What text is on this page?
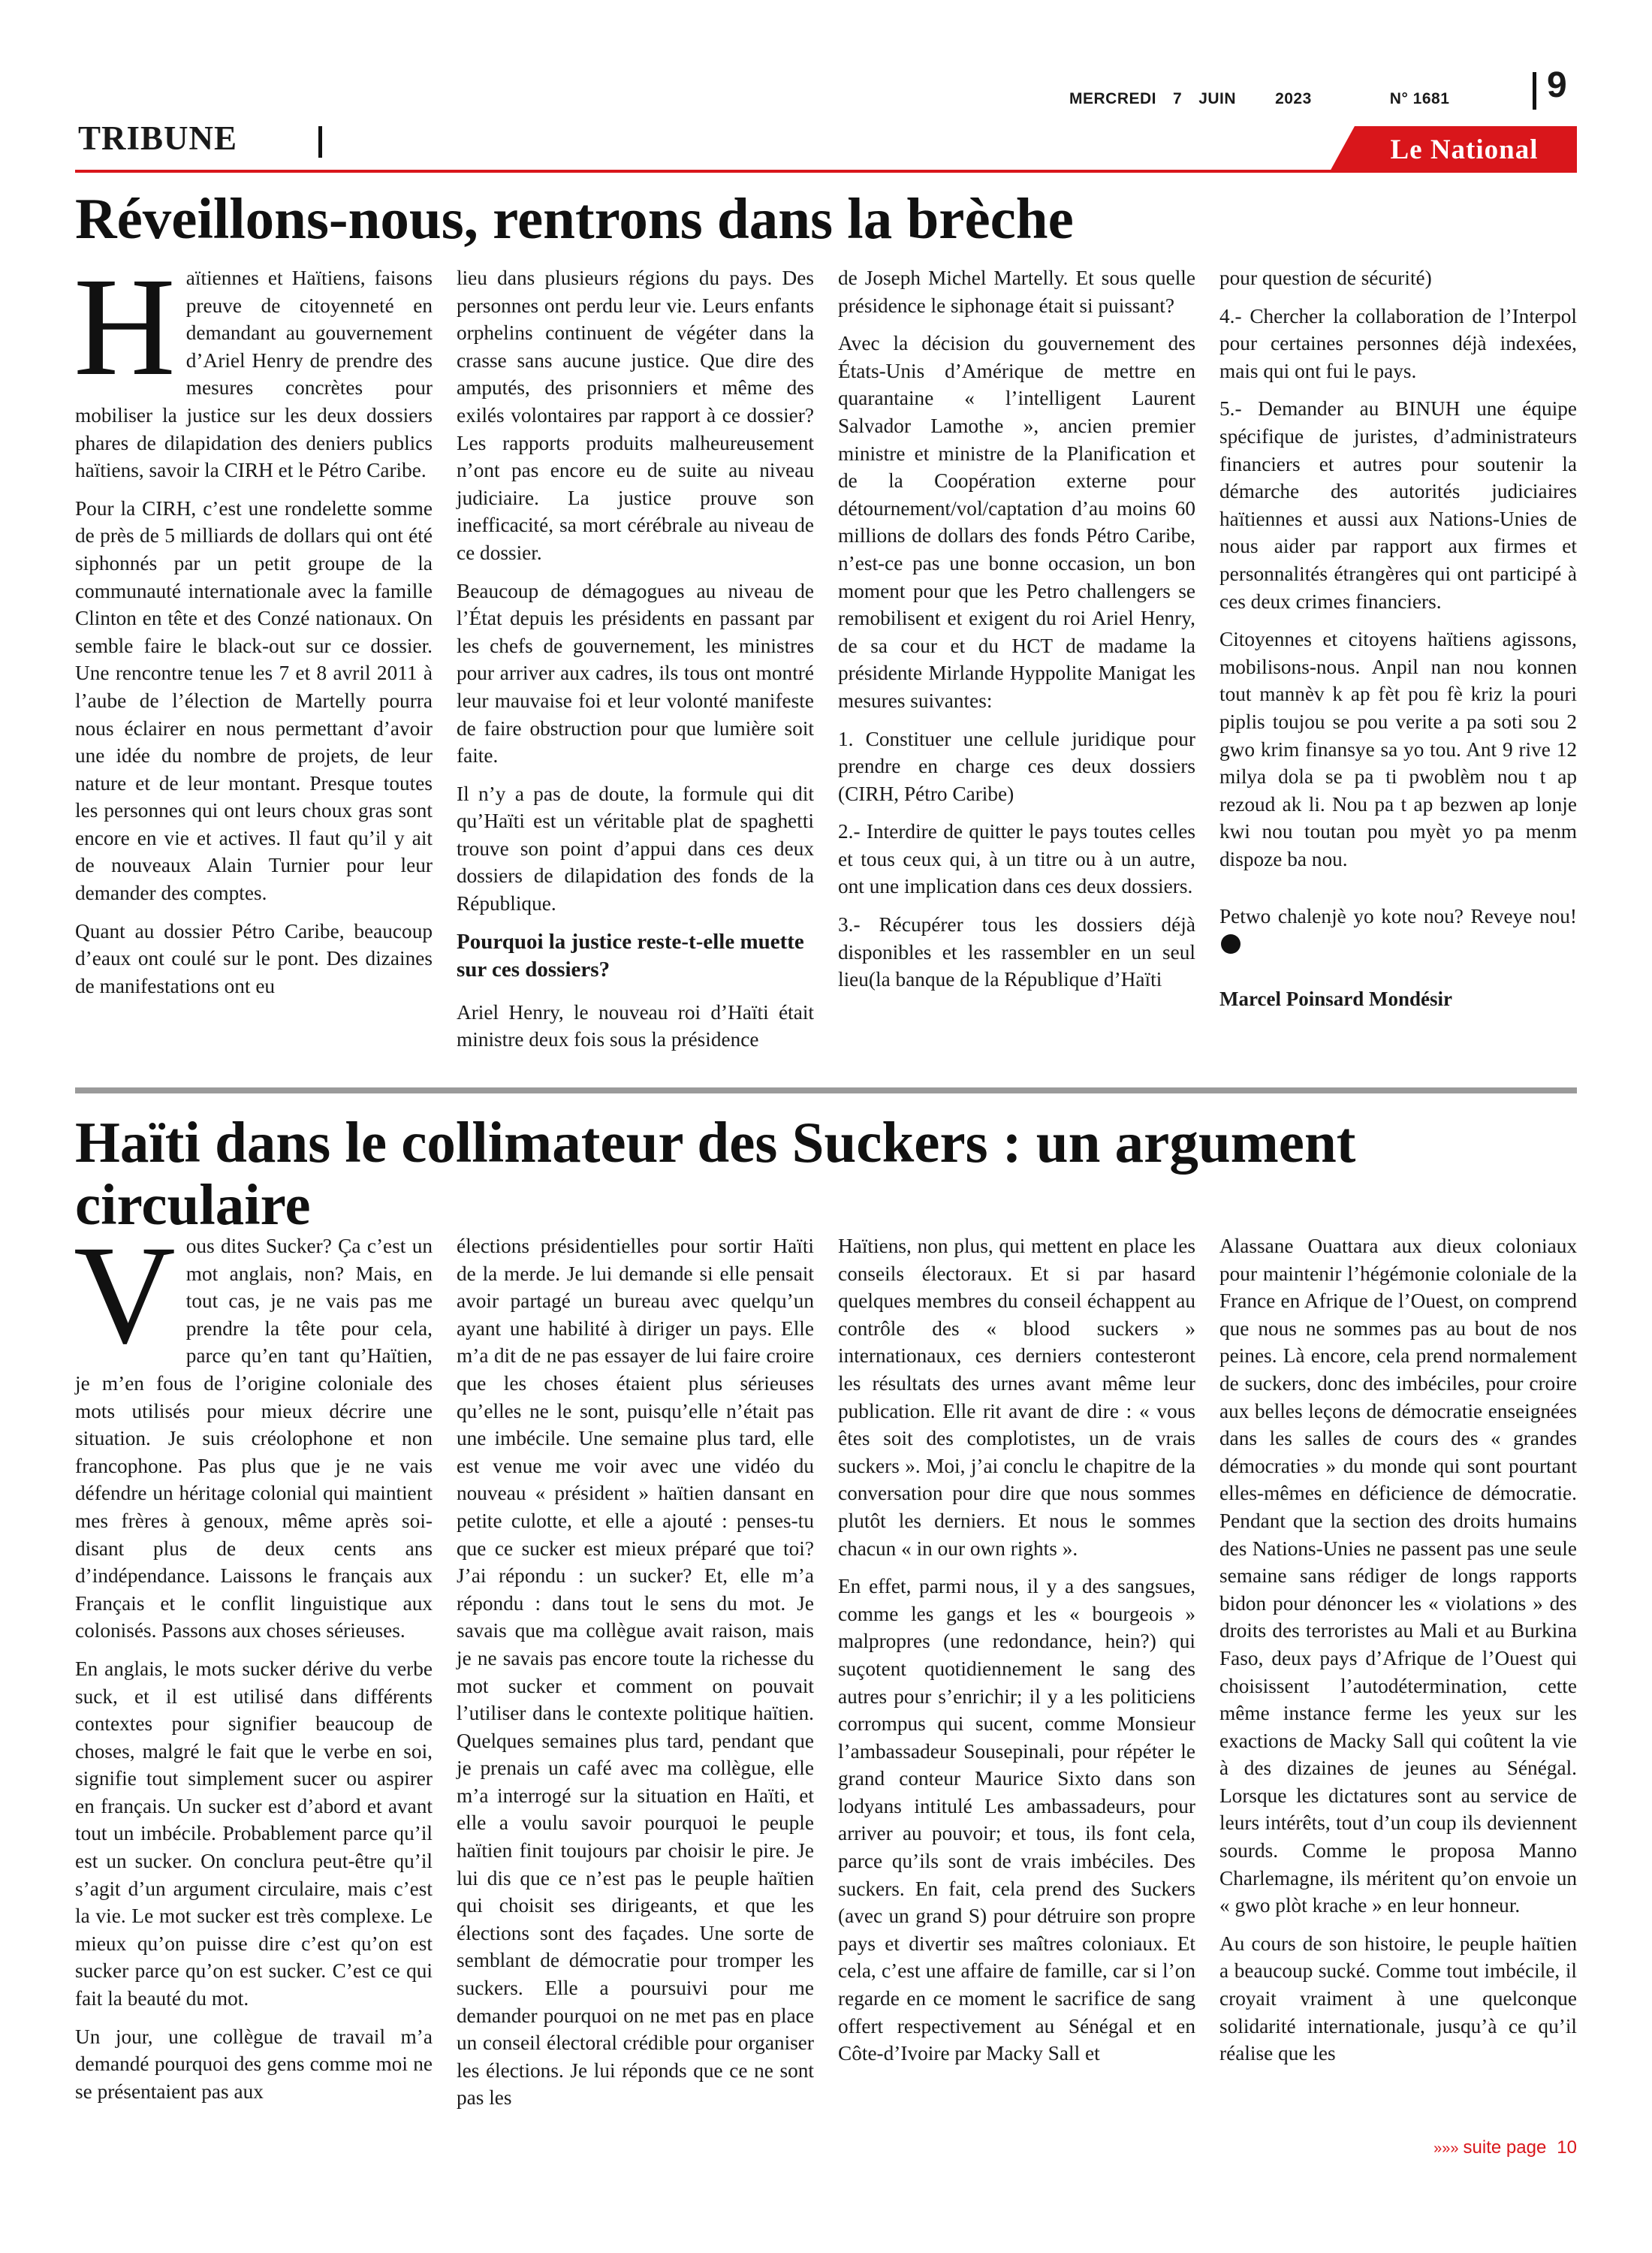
MERCREDI 7 JUIN 2023	N° 1681	9
TRIBUNE	Le National
Réveillons-nous, rentrons dans la brèche

Haïtiennes et Haïtiens, faisons preuve de citoyenneté en demandant au gouvernement d’Ariel Henry de prendre des mesures concrètes pour mobiliser la justice sur les deux dossiers phares de dilapidation des deniers publics haïtiens, savoir la CIRH et le Pétro Caribe.

Pour la CIRH, c’est une rondelette somme de près de 5 milliards de dollars qui ont été siphonnés par un petit groupe de la communauté internationale avec la famille Clinton en tête et des Conzé nationaux. On semble faire le black-out sur ce dossier. Une rencontre tenue les 7 et 8 avril 2011 à l’aube de l’élection de Martelly pourra nous éclairer en nous permettant d’avoir une idée du nombre de projets, de leur nature et de leur montant. Presque toutes les personnes qui ont leurs choux gras sont encore en vie et actives. Il faut qu’il y ait de nouveaux Alain Turnier pour leur demander des comptes.

Quant au dossier Pétro Caribe, beaucoup d’eaux ont coulé sur le pont. Des dizaines de manifestations ont eu

lieu dans plusieurs régions du pays. Des personnes ont perdu leur vie. Leurs enfants orphelins continuent de végéter dans la crasse sans aucune justice. Que dire des amputés, des prisonniers et même des exilés volontaires par rapport à ce dossier? Les rapports produits malheureusement n’ont pas encore eu de suite au niveau judiciaire. La justice prouve son inefficacité, sa mort cérébrale au niveau de ce dossier.

Beaucoup de démagogues au niveau de l’État depuis les présidents en passant par les chefs de gouvernement, les ministres pour arriver aux cadres, ils tous ont montré leur mauvaise foi et leur volonté manifeste de faire obstruction pour que lumière soit faite.

Il n’y a pas de doute, la formule qui dit qu’Haïti est un véritable plat de spaghetti trouve son point d’appui dans ces deux dossiers de dilapidation des fonds de la République.

Pourquoi la justice reste-t-elle muette sur ces dossiers?

Ariel Henry, le nouveau roi d’Haïti était ministre deux fois sous la présidence

de Joseph Michel Martelly. Et sous quelle présidence le siphonage était si puissant?

Avec la décision du gouvernement des États-Unis d’Amérique de mettre en quarantaine « l’intelligent Laurent Salvador Lamothe », ancien premier ministre et ministre de la Planification et de la Coopération externe pour détournement/vol/captation d’au moins 60 millions de dollars des fonds Pétro Caribe, n’est-ce pas une bonne occasion, un bon moment pour que les Petro challengers se remobilisent et exigent du roi Ariel Henry, de sa cour et du HCT de madame la présidente Mirlande Hyppolite Manigat les mesures suivantes:

1. Constituer une cellule juridique pour prendre en charge ces deux dossiers (CIRH, Pétro Caribe)

2.- Interdire de quitter le pays toutes celles et tous ceux qui, à un titre ou à un autre, ont une implication dans ces deux dossiers.

3.- Récupérer tous les dossiers déjà disponibles et les rassembler en un seul lieu(la banque de la République d’Haïti

pour question de sécurité)

4.- Chercher la collaboration de l’Interpol pour certaines personnes déjà indexées, mais qui ont fui le pays.

5.- Demander au BINUH une équipe spécifique de juristes, d’administrateurs financiers et autres pour soutenir la démarche des autorités judiciaires haïtiennes et aussi aux Nations-Unies de nous aider par rapport aux firmes et personnalités étrangères qui ont participé à ces deux crimes financiers.

Citoyennes et citoyens haïtiens agissons, mobilisons-nous. Anpil nan nou konnen tout mannèv k ap fèt pou fè kriz la pouri piplis toujou se pou verite a pa soti sou 2 gwo krim finansye sa yo tou. Ant 9 rive 12 milya dola se pa ti pwoblèm nou t ap rezoud ak li. Nou pa t ap bezwen ap lonje kwi nou toutan pou myèt yo pa menm dispoze ba nou.

Petwo chalenjè yo kote nou? Reveye nou!

Marcel Poinsard Mondésir

Haïti dans le collimateur des Suckers : un argument
circulaire

Vous dites Sucker? Ça c’est un mot anglais, non? Mais, en tout cas, je ne vais pas me prendre la tête pour cela, parce qu’en tant qu’Haïtien, je m’en fous de l’origine coloniale des mots utilisés pour mieux décrire une situation. Je suis créolophone et non francophone. Pas plus que je ne vais défendre un héritage colonial qui maintient mes frères à genoux, même après soi-disant plus de deux cents ans d’indépendance. Laissons le français aux Français et le conflit linguistique aux colonisés. Passons aux choses sérieuses.

En anglais, le mots sucker dérive du verbe suck, et il est utilisé dans différents contextes pour signifier beaucoup de choses, malgré le fait que le verbe en soi, signifie tout simplement sucer ou aspirer en français. Un sucker est d’abord et avant tout un imbécile. Probablement parce qu’il est un sucker. On conclura peut-être qu’il s’agit d’un argument circulaire, mais c’est la vie. Le mot sucker est très complexe. Le mieux qu’on puisse dire c’est qu’on est sucker parce qu’on est sucker. C’est ce qui fait la beauté du mot.

Un jour, une collègue de travail m’a demandé pourquoi des gens comme moi ne se présentaient pas aux

élections présidentielles pour sortir Haïti de la merde. Je lui demande si elle pensait avoir partagé un bureau avec quelqu’un ayant une habilité à diriger un pays. Elle m’a dit de ne pas essayer de lui faire croire que les choses étaient plus sérieuses qu’elles ne le sont, puisqu’elle n’était pas une imbécile. Une semaine plus tard, elle est venue me voir avec une vidéo du nouveau « président » haïtien dansant en petite culotte, et elle a ajouté : penses-tu que ce sucker est mieux préparé que toi? J’ai répondu : un sucker? Et, elle m’a répondu : dans tout le sens du mot. Je savais que ma collègue avait raison, mais je ne savais pas encore toute la richesse du mot sucker et comment on pouvait l’utiliser dans le contexte politique haïtien. Quelques semaines plus tard, pendant que je prenais un café avec ma collègue, elle m’a interrogé sur la situation en Haïti, et elle a voulu savoir pourquoi le peuple haïtien finit toujours par choisir le pire. Je lui dis que ce n’est pas le peuple haïtien qui choisit ses dirigeants, et que les élections sont des façades. Une sorte de semblant de démocratie pour tromper les suckers. Elle a poursuivi pour me demander pourquoi on ne met pas en place un conseil électoral crédible pour organiser les élections. Je lui réponds que ce ne sont pas les

Haïtiens, non plus, qui mettent en place les conseils électoraux. Et si par hasard quelques membres du conseil échappent au contrôle des « blood suckers » internationaux, ces derniers contesteront les résultats des urnes avant même leur publication. Elle rit avant de dire : « vous êtes soit des complotistes, un de vrais suckers ». Moi, j’ai conclu le chapitre de la conversation pour dire que nous sommes plutôt les derniers. Et nous le sommes chacun « in our own rights ».

En effet, parmi nous, il y a des sangsues, comme les gangs et les « bourgeois » malpropres (une redondance, hein?) qui suçotent quotidiennement le sang des autres pour s’enrichir; il y a les politiciens corrompus qui sucent, comme Monsieur l’ambassadeur Sousepinali, pour répéter le grand conteur Maurice Sixto dans son lodyans intitulé Les ambassadeurs, pour arriver au pouvoir; et tous, ils font cela, parce qu’ils sont de vrais imbéciles. Des suckers. En fait, cela prend des Suckers (avec un grand S) pour détruire son propre pays et divertir ses maîtres coloniaux. Et cela, c’est une affaire de famille, car si l’on regarde en ce moment le sacrifice de sang offert respectivement au Sénégal et en Côte-d’Ivoire par Macky Sall et

Alassane Ouattara aux dieux coloniaux pour maintenir l’hégémonie coloniale de la France en Afrique de l’Ouest, on comprend que nous ne sommes pas au bout de nos peines. Là encore, cela prend normalement de suckers, donc des imbéciles, pour croire aux belles leçons de démocratie enseignées dans les salles de cours des « grandes démocraties » du monde qui sont pourtant elles-mêmes en déficience de démocratie. Pendant que la section des droits humains des Nations-Unies ne passent pas une seule semaine sans rédiger de longs rapports bidon pour dénoncer les « violations » des droits des terroristes au Mali et au Burkina Faso, deux pays d’Afrique de l’Ouest qui choisissent l’autodétermination, cette même instance ferme les yeux sur les exactions de Macky Sall qui coûtent la vie à des dizaines de jeunes au Sénégal. Lorsque les dictatures sont au service de leurs intérêts, tout d’un coup ils deviennent sourds. Comme le proposa Manno Charlemagne, ils méritent qu’on envoie un « gwo plòt krache » en leur honneur.

Au cours de son histoire, le peuple haïtien a beaucoup sucké. Comme tout imbécile, il croyait vraiment à une quelconque solidarité internationale, jusqu’à ce qu’il réalise que les

»»» suite page 10
